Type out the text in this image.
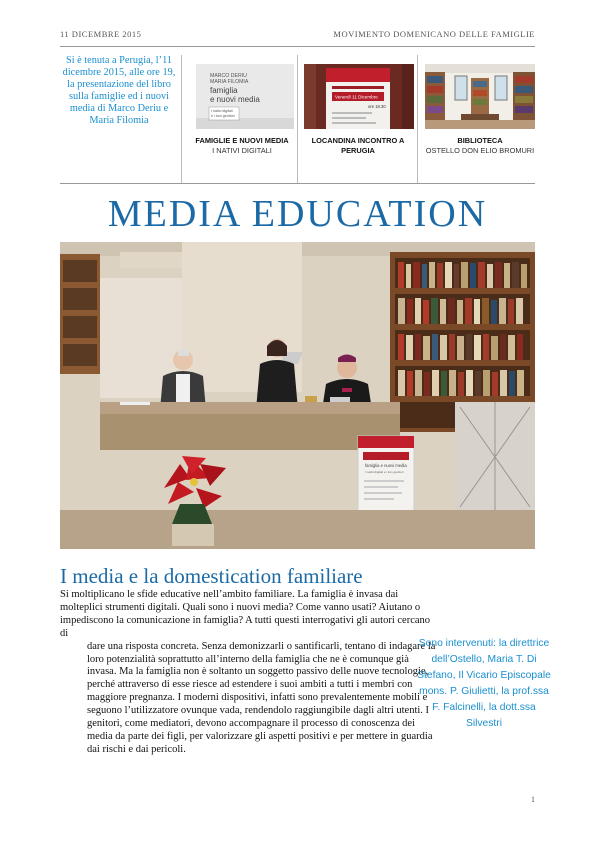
11 DICEMBRE 2015	MOVIMENTO DOMENICANO DELLE FAMIGLIE
Si è tenuta a Perugia, l’11 dicembre 2015, alle ore 19, la presentazione del libro sulla famiglie ed i nuovi media di Marco Deriu e Maria Filomia
MARCO DERIU
MARIA FILOMIA
famiglia
e nuovi media
I nativi digitali
e i loro genitori
FAMIGLIE E NUOVI MEDIA
I NATIVI DIGITALI
Venerdì 11 Dicembre
ore 18.30
LOCANDINA INCONTRO A PERUGIA
BIBLIOTECA
OSTELLO DON ELIO BROMURI
MEDIA EDUCATION
famiglia e nuovi media
I nativi digitali e i loro genitori
I media e la domestication familiare
Si moltiplicano le sfide educative nell’ambito familiare. La famiglia è invasa dai molteplici strumenti digitali. Quali sono i nuovi media? Come vanno usati? Aiutano o impediscono la comunicazione in famiglia? A tutti questi interrogativi gli autori cercano di
dare una risposta concreta. Senza demonizzarli o santificarli, tentano di indagare la loro potenzialità soprattutto all’interno della famiglia che ne è comunque già invasa. Ma la famiglia non è soltanto un soggetto passivo delle nuove tecnologie, perché attraverso di esse riesce ad estendere i suoi ambiti a tutti i membri con maggiore pregnanza. I moderni dispositivi, infatti sono prevalentemente mobili e seguono l’utilizzatore ovunque vada, rendendolo raggiungibile dagli altri utenti. I genitori, come mediatori, devono accompagnare il processo di conoscenza dei media da parte dei figli, per valorizzare gli aspetti positivi e per mettere in guardia dai rischi e dai pericoli.
Sono intervenuti: la direttrice dell’Ostello, Maria T. Di Stefano, Il Vicario Episcopale mons. P. Giulietti, la prof.ssa F. Falcinelli, la dott.ssa Silvestri
1
